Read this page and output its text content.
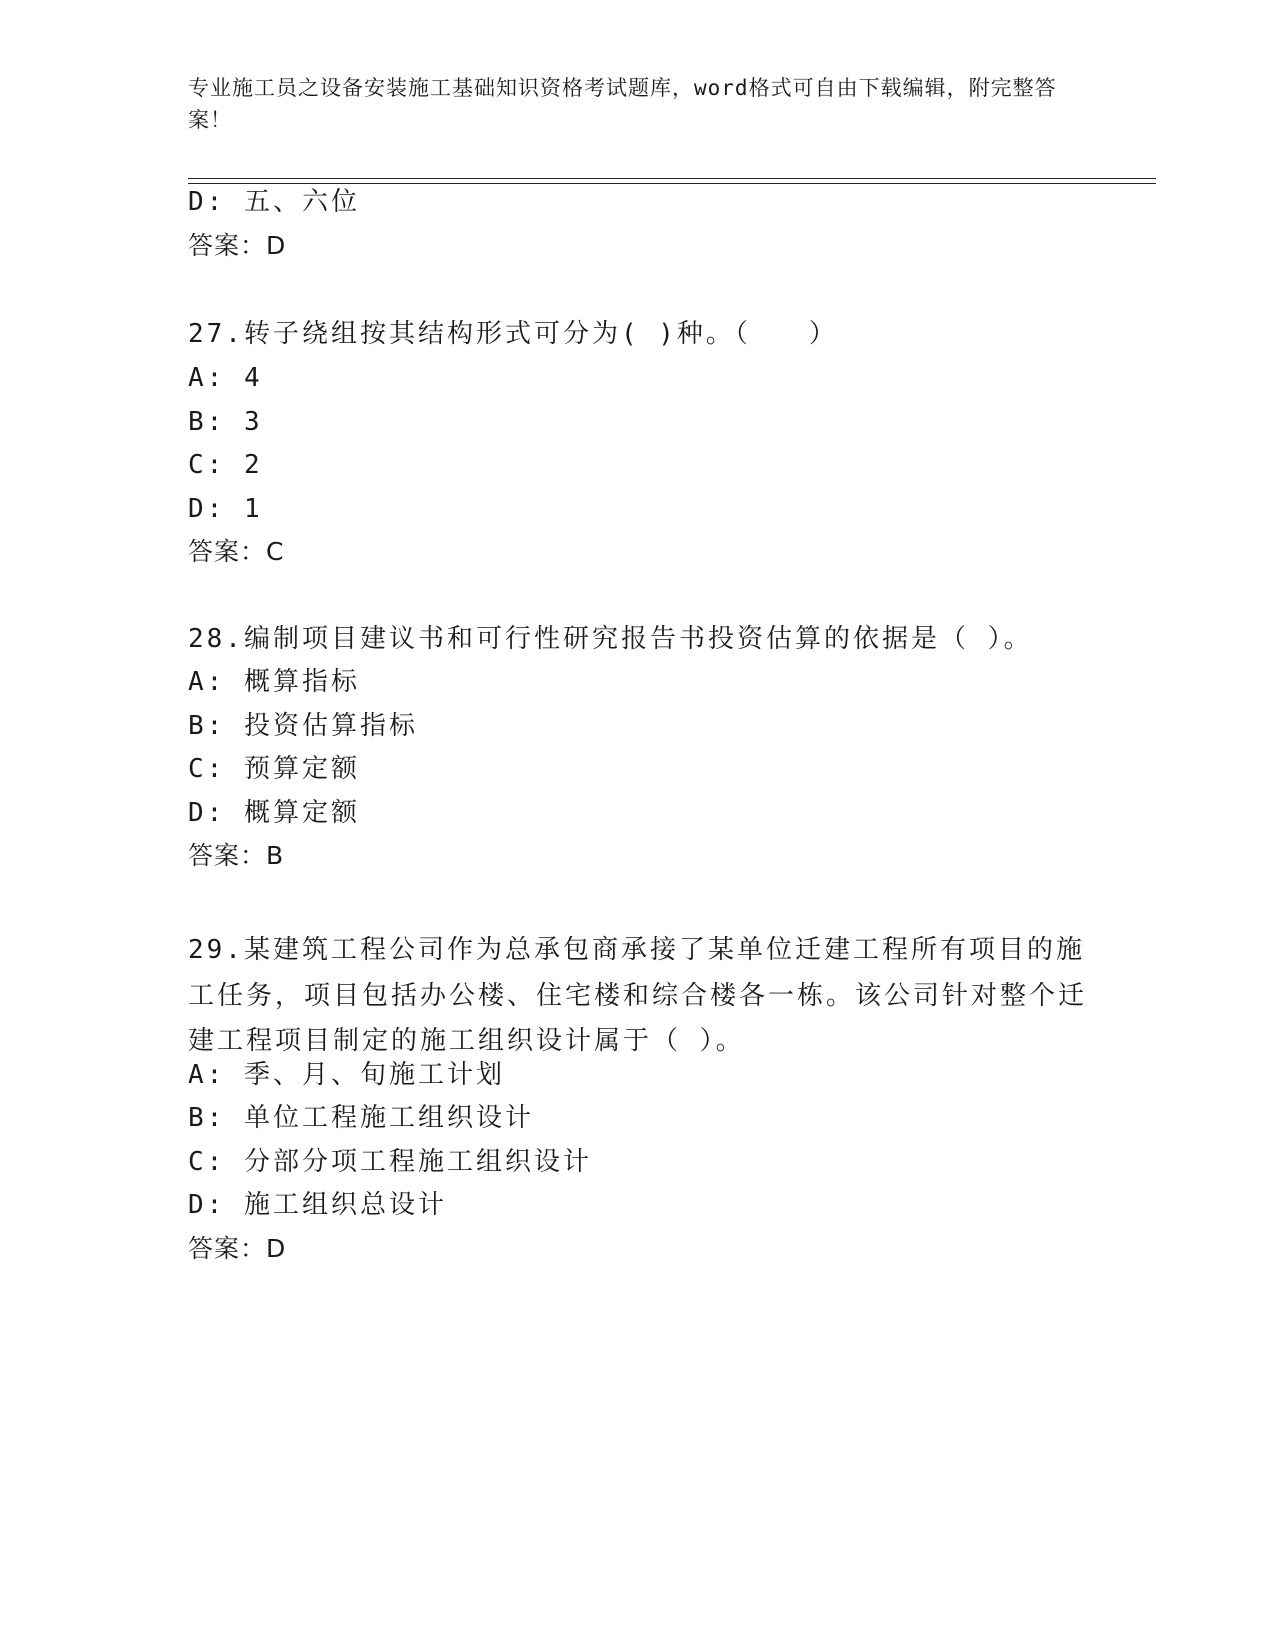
专业施工员之设备安装施工基础知识资格考试题库，word格式可自由下载编辑，附完整答案！
D: 五、六位
答案：D
27.转子绕组按其结构形式可分为( )种。（　　）
A: 4
B: 3
C: 2
D: 1
答案：C
28.编制项目建议书和可行性研究报告书投资估算的依据是（ ）。
A: 概算指标
B: 投资估算指标
C: 预算定额
D: 概算定额
答案：B
29.某建筑工程公司作为总承包商承接了某单位迁建工程所有项目的施工任务，项目包括办公楼、住宅楼和综合楼各一栋。该公司针对整个迁建工程项目制定的施工组织设计属于（ ）。
A: 季、月、旬施工计划
B: 单位工程施工组织设计
C: 分部分项工程施工组织设计
D: 施工组织总设计
答案：D
